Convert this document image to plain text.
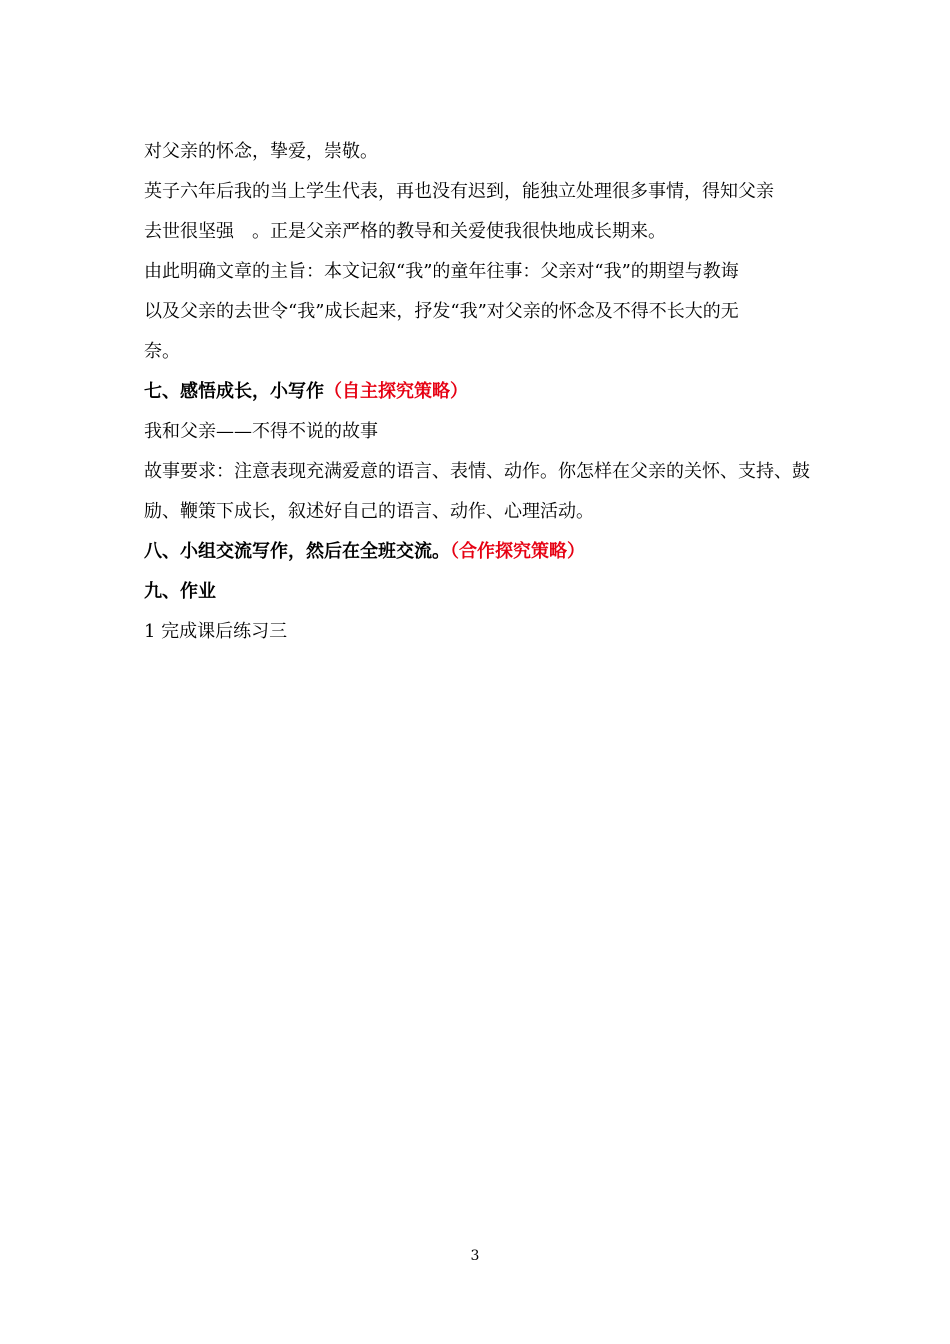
对父亲的怀念，挚爱，崇敬。
英子六年后我的当上学生代表，再也没有迟到，能独立处理很多事情，得知父亲
去世很坚强　。正是父亲严格的教导和关爱使我很快地成长期来。
由此明确文章的主旨：本文记叙“我”的童年往事：父亲对“我”的期望与教诲
以及父亲的去世令“我”成长起来，抒发“我”对父亲的怀念及不得不长大的无
奈。
七、感悟成长，小写作（自主探究策略）
我和父亲——不得不说的故事
故事要求：注意表现充满爱意的语言、表情、动作。你怎样在父亲的关怀、支持、鼓
励、鞭策下成长，叙述好自己的语言、动作、心理活动。
八、小组交流写作，然后在全班交流。（合作探究策略）
九、作业
1 完成课后练习三
3
